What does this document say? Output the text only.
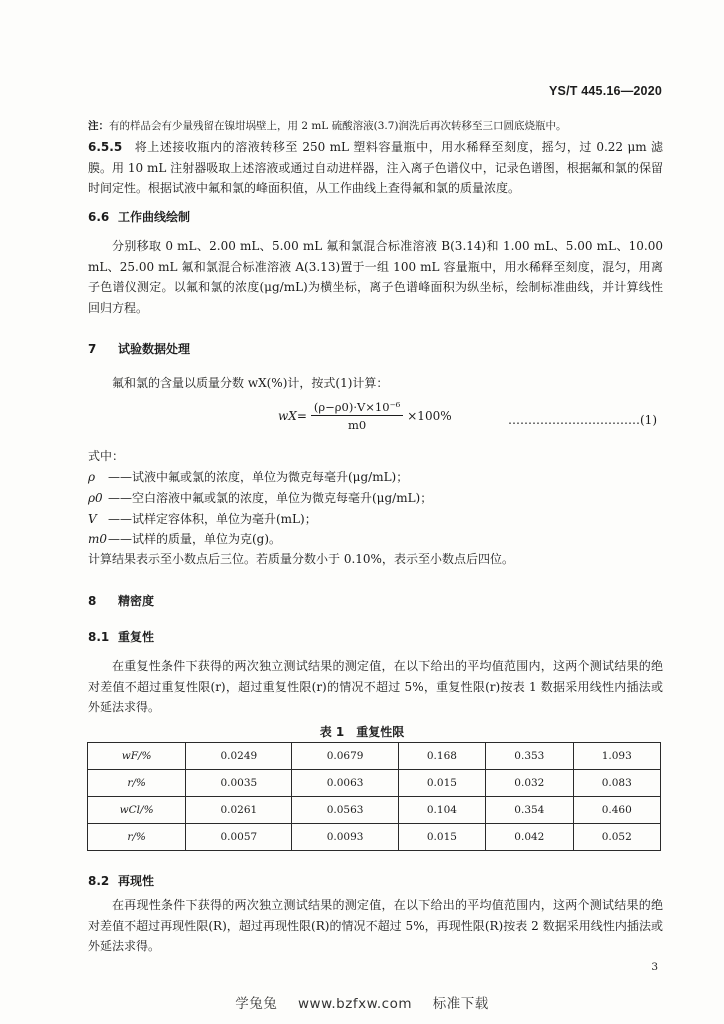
YS/T 445.16—2020
注：有的样品会有少量残留在镍坩埚壁上，用 2 mL 硫酸溶液(3.7)润洗后再次转移至三口圆底烧瓶中。
6.5.5 将上述接收瓶内的溶液转移至 250 mL 塑料容量瓶中，用水稀释至刻度，摇匀，过 0.22 μm 滤膜。用 10 mL 注射器吸取上述溶液或通过自动进样器，注入离子色谱仪中，记录色谱图，根据氟和氯的保留时间定性。根据试液中氟和氯的峰面积值，从工作曲线上查得氟和氯的质量浓度。
6.6 工作曲线绘制
分别移取 0 mL、2.00 mL、5.00 mL 氟和氯混合标准溶液 B(3.14)和 1.00 mL、5.00 mL、10.00 mL、25.00 mL 氟和氯混合标准溶液 A(3.13)置于一组 100 mL 容量瓶中，用水稀释至刻度，混匀，用离子色谱仪测定。以氟和氯的浓度(μg/mL)为横坐标，离子色谱峰面积为纵坐标，绘制标准曲线，并计算线性回归方程。
7 试验数据处理
氟和氯的含量以质量分数 wX(%)计，按式(1)计算：
wX = $\frac{\text{(ρ−ρ0)·V×10⁻⁶}}{m0} \times 100\%$	……………………………(1)
式中：
ρ ——试液中氟或氯的浓度，单位为微克每毫升(μg/mL)；
ρ0 ——空白溶液中氟或氯的浓度，单位为微克每毫升(μg/mL)；
V ——试样定容体积，单位为毫升(mL)；
m0——试样的质量，单位为克(g)。
计算结果表示至小数点后三位。若质量分数小于 0.10%，表示至小数点后四位。
8 精密度
8.1 重复性
在重复性条件下获得的两次独立测试结果的测定值，在以下给出的平均值范围内，这两个测试结果的绝对差值不超过重复性限(r)，超过重复性限(r)的情况不超过 5%，重复性限(r)按表 1 数据采用线性内插法或外延法求得。
表 1　重复性限
wF/%	0.0249	0.0679	0.168	0.353	1.093
r/%	0.0035	0.0063	0.015	0.032	0.083
wCl/%	0.0261	0.0563	0.104	0.354	0.460
r/%	0.0057	0.0093	0.015	0.042	0.052
8.2 再现性
在再现性条件下获得的两次独立测试结果的测定值，在以下给出的平均值范围内，这两个测试结果的绝对差值不超过再现性限(R)，超过再现性限(R)的情况不超过 5%，再现性限(R)按表 2 数据采用线性内插法或外延法求得。
3
学兔兔 www.bzfxw.com 标准下载
